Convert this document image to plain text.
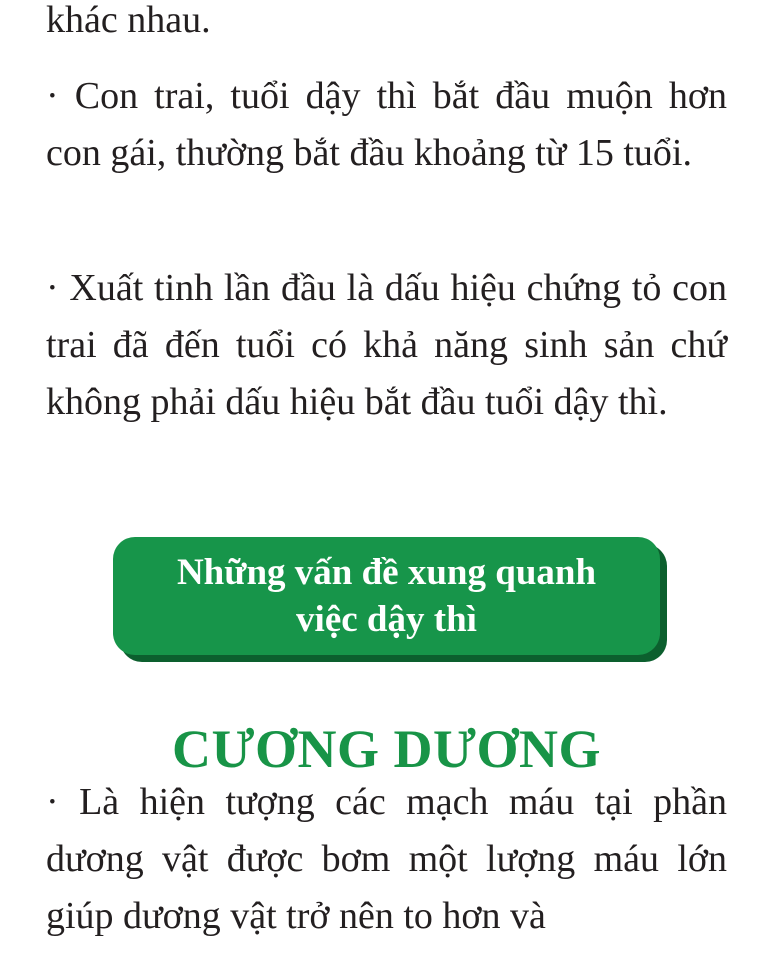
khác nhau.

· Con trai, tuổi dậy thì bắt đầu muộn hơn con gái, thường bắt đầu khoảng từ 15 tuổi.

· Xuất tinh lần đầu là dấu hiệu chứng tỏ con trai đã đến tuổi có khả năng sinh sản chứ không phải dấu hiệu bắt đầu tuổi dậy thì.

Những vấn đề xung quanh
việc dậy thì
CƯƠNG DƯƠNG

· Là hiện tượng các mạch máu tại phần dương vật được bơm một lượng máu lớn giúp dương vật trở nên to hơn và
